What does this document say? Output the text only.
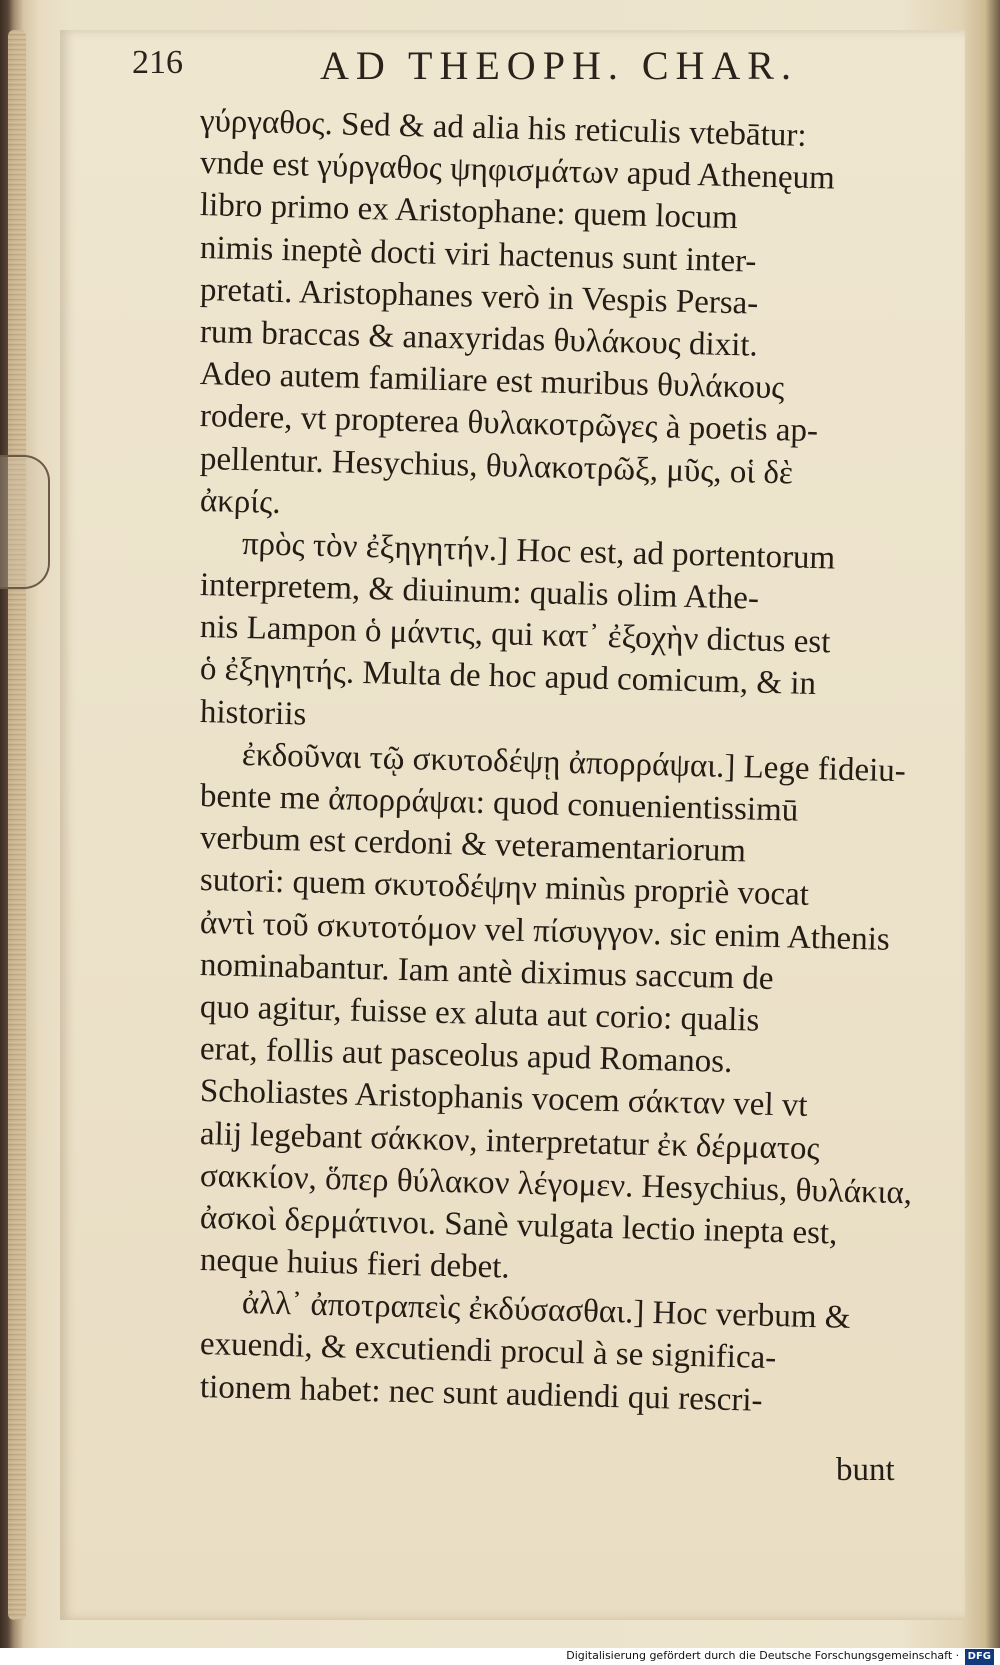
216	AD THEOPH. CHAR.
γύργαθος. Sed & ad alia his reticulis vtebātur:
vnde est γύργαθος ψηφισμάτων apud Athenęum
libro primo ex Aristophane: quem locum
nimis ineptè docti viri hactenus sunt inter-
pretati. Aristophanes verò in Vespis Persa-
rum braccas & anaxyridas θυλάκους dixit.
Adeo autem familiare est muribus θυλάκους
rodere, vt propterea θυλακοτρῶγες à poetis ap-
pellentur. Hesychius, θυλακοτρῶξ, μῦς, οἱ δὲ
ἀκρίς.
πρὸς τὸν ἐξηγητήν.] Hoc est, ad portentorum
interpretem, & diuinum: qualis olim Athe-
nis Lampon ὁ μάντις, qui κατ᾽ ἐξοχὴν dictus est
ὁ ἐξηγητής. Multa de hoc apud comicum, & in
historiis
ἐκδοῦναι τῷ σκυτοδέψῃ ἀπορράψαι.] Lege fideiu-
bente me ἀπορράψαι: quod conuenientissimū
verbum est cerdoni & veteramentariorum
sutori: quem σκυτοδέψην minùs propriè vocat
ἀντὶ τοῦ σκυτοτόμον vel πίσυγγον. sic enim Athenis
nominabantur. Iam antè diximus saccum de
quo agitur, fuisse ex aluta aut corio: qualis
erat, follis aut pasceolus apud Romanos.
Scholiastes Aristophanis vocem σάκταν vel vt
alij legebant σάκκον, interpretatur ἐκ δέρματος
σακκίον, ὅπερ θύλακον λέγομεν. Hesychius, θυλάκια,
ἀσκοὶ δερμάτινοι. Sanè vulgata lectio inepta est,
neque huius fieri debet.
ἀλλ᾽ ἀποτραπεὶς ἐκδύσασθαι.] Hoc verbum &
exuendi, & excutiendi procul à se significa-
tionem habet: nec sunt audiendi qui rescri-
bunt
Digitalisierung gefördert durch die Deutsche Forschungsgemeinschaft · DFG
